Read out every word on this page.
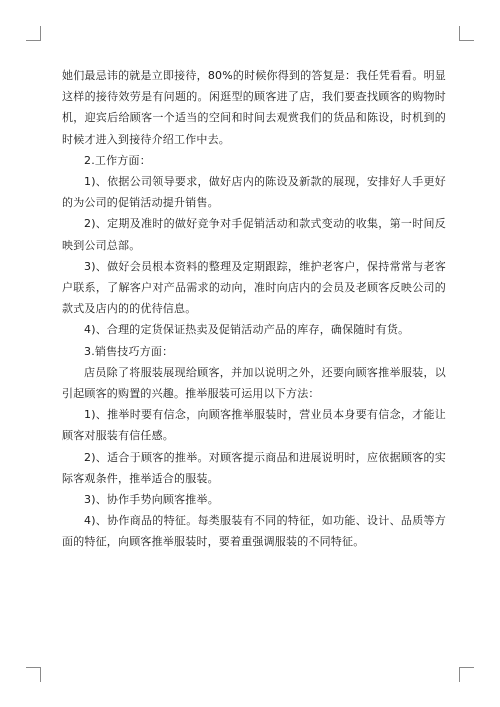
她们最忌讳的就是立即接待，80%的时候你得到的答复是：我任凭看看。明显这样的接待效劳是有问题的。闲逛型的顾客进了店，我们要查找顾客的购物时机，迎宾后给顾客一个适当的空间和时间去观赏我们的货品和陈设，时机到的时候才进入到接待介绍工作中去。

2.工作方面：

1)、依据公司领导要求，做好店内的陈设及新款的展现，安排好人手更好的为公司的促销活动提升销售。

2)、定期及准时的做好竞争对手促销活动和款式变动的收集，第一时间反映到公司总部。

3)、做好会员根本资料的整理及定期跟踪，维护老客户，保持常常与老客户联系，了解客户对产品需求的动向，准时向店内的会员及老顾客反映公司的款式及店内的的优待信息。

4)、合理的定货保证热卖及促销活动产品的库存，确保随时有货。

3.销售技巧方面：

店员除了将服装展现给顾客，并加以说明之外，还要向顾客推举服装，以引起顾客的购置的兴趣。推举服装可运用以下方法：

1)、推举时要有信念，向顾客推举服装时，营业员本身要有信念，才能让顾客对服装有信任感。

2)、适合于顾客的推举。对顾客提示商品和进展说明时，应依据顾客的实际客观条件，推举适合的服装。

3)、协作手势向顾客推举。

4)、协作商品的特征。每类服装有不同的特征，如功能、设计、品质等方面的特征，向顾客推举服装时，要着重强调服装的不同特征。
